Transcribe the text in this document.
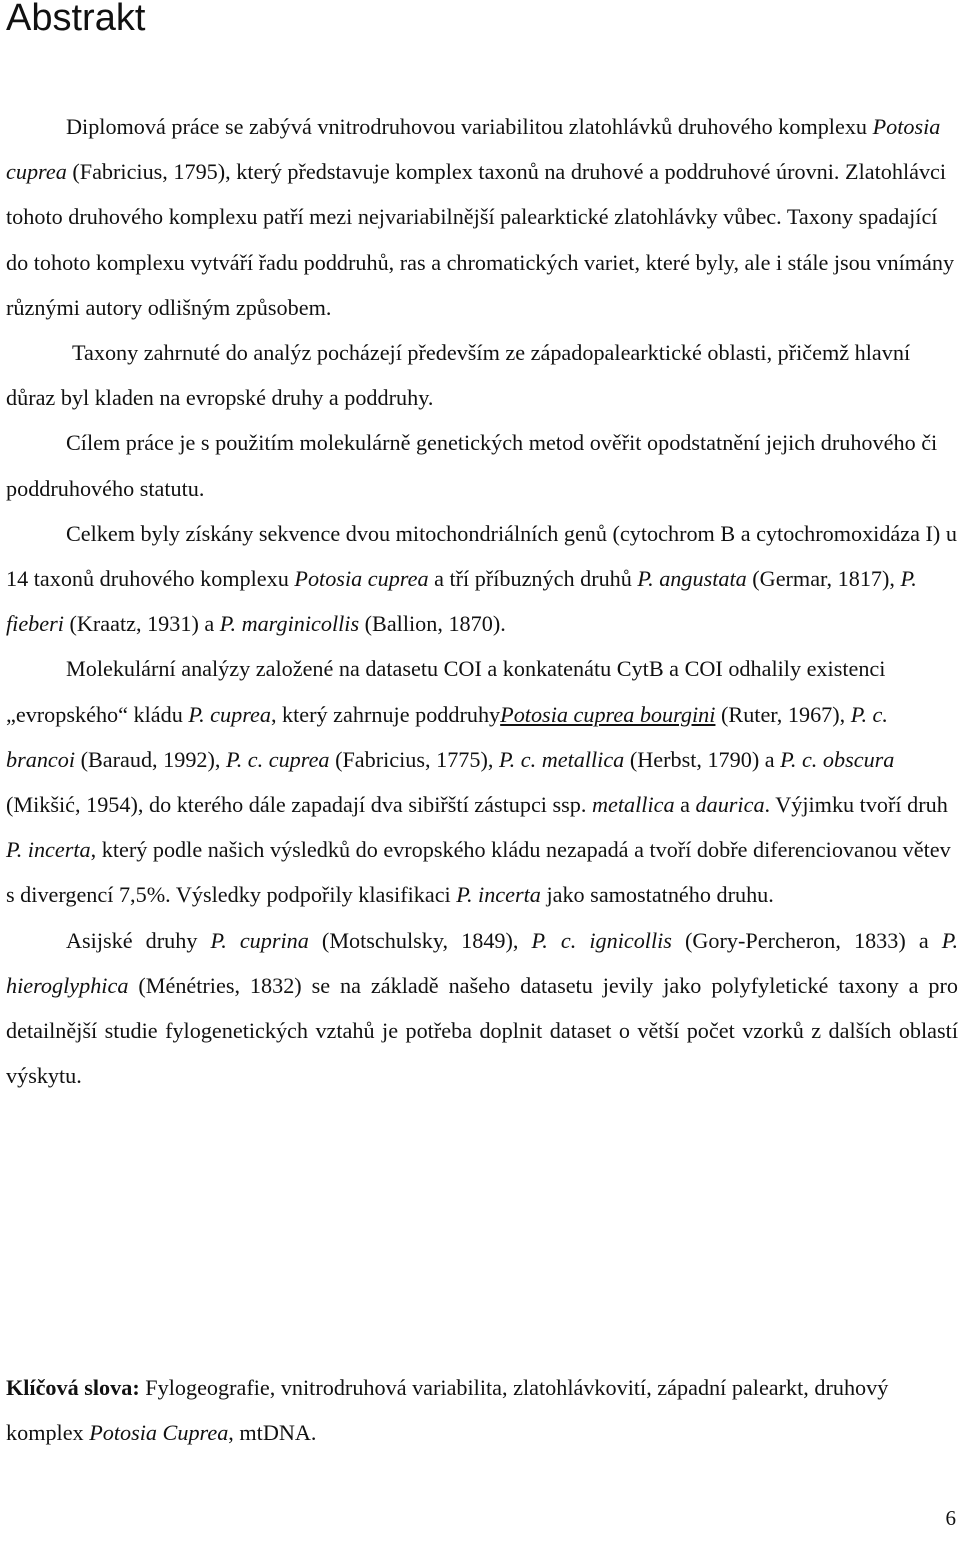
Abstrakt

Diplomová práce se zabývá vnitrodruhovou variabilitou zlatohlávků druhového komplexu Potosia cuprea (Fabricius, 1795), který představuje komplex taxonů na druhové a poddruhové úrovni. Zlatohlávci tohoto druhového komplexu patří mezi nejvariabilnější palearktické zlatohlávky vůbec. Taxony spadající do tohoto komplexu vytváří řadu poddruhů, ras a chromatických variet, které byly, ale i stále jsou vnímány různými autory odlišným způsobem.

Taxony zahrnuté do analýz pocházejí především ze západopalearktické oblasti, přičemž hlavní důraz byl kladen na evropské druhy a poddruhy.

Cílem práce je s použitím molekulárně genetických metod ověřit opodstatnění jejich druhového či poddruhového statutu.

Celkem byly získány sekvence dvou mitochondriálních genů (cytochrom B a cytochromoxidáza I) u 14 taxonů druhového komplexu Potosia cuprea a tří příbuzných druhů P. angustata (Germar, 1817), P. fieberi (Kraatz, 1931) a P. marginicollis (Ballion, 1870).

Molekulární analýzy založené na datasetu COI a konkatenátu CytB a COI odhalily existenci „evropského“ kládu P. cuprea, který zahrnuje poddruhyPotosia cuprea bourgini (Ruter, 1967), P. c. brancoi (Baraud, 1992), P. c. cuprea (Fabricius, 1775), P. c. metallica (Herbst, 1790) a P. c. obscura (Mikšić, 1954), do kterého dále zapadají dva sibiřští zástupci ssp. metallica a daurica. Výjimku tvoří druh P. incerta, který podle našich výsledků do evropského kládu nezapadá a tvoří dobře diferenciovanou větev s divergencí 7,5%. Výsledky podpořily klasifikaci P. incerta jako samostatného druhu.

Asijské druhy P. cuprina (Motschulsky, 1849), P. c. ignicollis (Gory-Percheron, 1833) a P. hieroglyphica (Ménétries, 1832) se na základě našeho datasetu jevily jako polyfyletické taxony a pro detailnější studie fylogenetických vztahů je potřeba doplnit dataset o větší počet vzorků z dalších oblastí výskytu.

Klíčová slova: Fylogeografie, vnitrodruhová variabilita, zlatohlávkovití, západní palearkt, druhový komplex Potosia Cuprea, mtDNA.

6
